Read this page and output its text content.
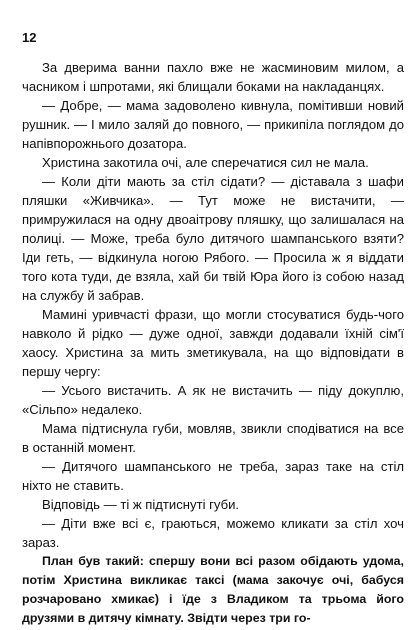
12

За дверима ванни пахло вже не жасминовим милом, а часником і шпротами, які блищали боками на накладанцях.

— Добре, — мама задоволено кивнула, помітивши новий рушник. — І мило заляй до повного, — прикипіла поглядом до напівпорожнього дозатора.

Христина закотила очі, але сперечатися сил не мала.

— Коли діти мають за стіл сідати? — діставала з шафи пляшки «Живчика». — Тут може не вистачити, — примружилася на одну двоаітрову пляшку, що залишалася на полиці. — Може, треба було дитячого шампанського взяти? Іди геть, — відкинула ногою Рябого. — Просила ж я віддати того кота туди, де взяла, хай би твій Юра його із собою назад на службу й забрав.

Мамині уривчасті фрази, що могли стосуватися будь-чого навколо й рідко — дуже одної, завжди додавали їхній сім'ї хаосу. Христина за мить зметикувала, на що відповідати в першу чергу:

— Усього вистачить. А як не вистачить — піду докуплю, «Сільпо» недалеко.

Мама підтиснула губи, мовляв, звикли сподіватися на все в останній момент.

— Дитячого шампанського не треба, зараз таке на стіл ніхто не ставить.

Відповідь — ті ж підтиснуті губи.

— Діти вже всі є, граються, можемо кликати за стіл хоч зараз.

План був такий: спершу вони всі разом обідають удома, потім Христина викликає таксі (мама закочує очі, бабуся розчаровано хмикає) і їде з Владиком та трьома його друзями в дитячу кімнату. Звідти через три го-
